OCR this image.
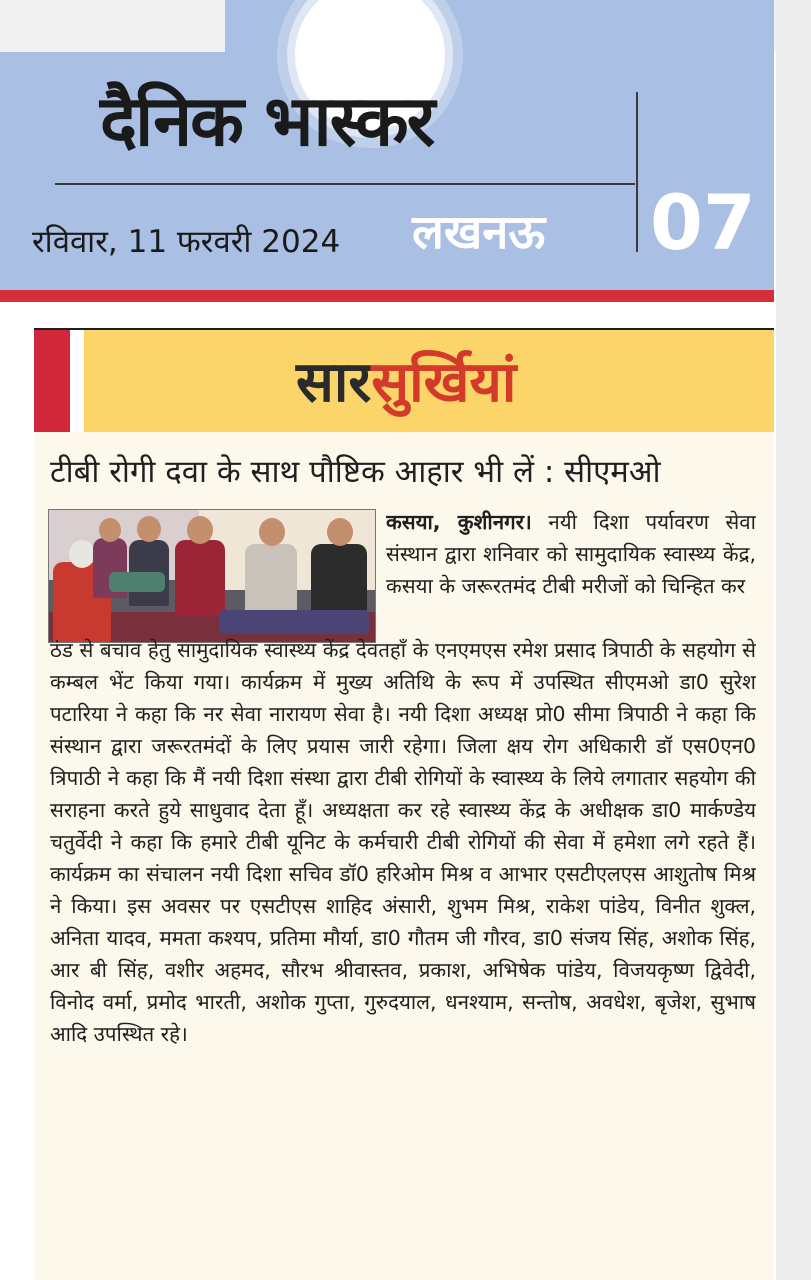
दैनिक भास्कर
रविवार, 11 फरवरी 2024 लखनऊ 07
सारसुर्खियां
टीबी रोगी दवा के साथ पौष्टिक आहार भी लें : सीएमओ
कसया, कुशीनगर। नयी दिशा पर्यावरण सेवा संस्थान द्वारा शनिवार को सामुदायिक स्वास्थ्य केंद्र, कसया के जरूरतमंद टीबी मरीजों को चिन्हित कर
ठंड से बचाव हेतु सामुदायिक स्वास्थ्य केंद्र देवतहाँ के एनएमएस रमेश प्रसाद त्रिपाठी के सहयोग से कम्बल भेंट किया गया। कार्यक्रम में मुख्य अतिथि के रूप में उपस्थित सीएमओ डा0 सुरेश पटारिया ने कहा कि नर सेवा नारायण सेवा है। नयी दिशा अध्यक्ष प्रो0 सीमा त्रिपाठी ने कहा कि संस्थान द्वारा जरूरतमंदों के लिए प्रयास जारी रहेगा। जिला क्षय रोग अधिकारी डॉ एस0एन0 त्रिपाठी ने कहा कि मैं नयी दिशा संस्था द्वारा टीबी रोगियों के स्वास्थ्य के लिये लगातार सहयोग की सराहना करते हुये साधुवाद देता हूँ। अध्यक्षता कर रहे स्वास्थ्य केंद्र के अधीक्षक डा0 मार्कण्डेय चतुर्वेदी ने कहा कि हमारे टीबी यूनिट के कर्मचारी टीबी रोगियों की सेवा में हमेशा लगे रहते हैं। कार्यक्रम का संचालन नयी दिशा सचिव डॉ0 हरिओम मिश्र व आभार एसटीएलएस आशुतोष मिश्र ने किया। इस अवसर पर एसटीएस शाहिद अंसारी, शुभम मिश्र, राकेश पांडेय, विनीत शुक्ल, अनिता यादव, ममता कश्यप, प्रतिमा मौर्या, डा0 गौतम जी गौरव, डा0 संजय सिंह, अशोक सिंह, आर बी सिंह, वशीर अहमद, सौरभ श्रीवास्तव, प्रकाश, अभिषेक पांडेय, विजयकृष्ण द्विवेदी, विनोद वर्मा, प्रमोद भारती, अशोक गुप्ता, गुरुदयाल, धनश्याम, सन्तोष, अवधेश, बृजेश, सुभाष आदि उपस्थित रहे।
